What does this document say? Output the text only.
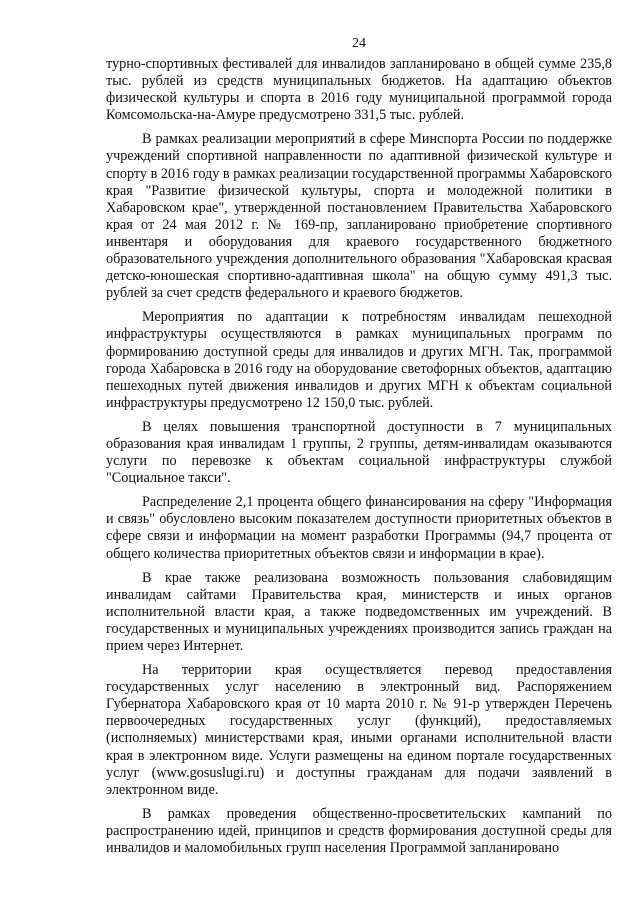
24

турно-спортивных фестивалей для инвалидов запланировано в общей сумме 235,8 тыс. рублей из средств муниципальных бюджетов. На адаптацию объектов физической культуры и спорта в 2016 году муниципальной программой города Комсомольска-на-Амуре предусмотрено 331,5 тыс. рублей.

В рамках реализации мероприятий в сфере Минспорта России по поддержке учреждений спортивной направленности по адаптивной физической культуре и спорту в 2016 году в рамках реализации государственной программы Хабаровского края "Развитие физической культуры, спорта и молодежной политики в Хабаровском крае", утвержденной постановлением Правительства Хабаровского края от 24 мая 2012 г. № 169-пр, запланировано приобретение спортивного инвентаря и оборудования для краевого государственного бюджетного образовательного учреждения дополнительного образования "Хабаровская красвая детско-юношеская спортивно-адаптивная школа" на общую сумму 491,3 тыс. рублей за счет средств федерального и краевого бюджетов.

Мероприятия по адаптации к потребностям инвалидам пешеходной инфраструктуры осуществляются в рамках муниципальных программ по формированию доступной среды для инвалидов и других МГН. Так, программой города Хабаровска в 2016 году на оборудование светофорных объектов, адаптацию пешеходных путей движения инвалидов и других МГН к объектам социальной инфраструктуры предусмотрено 12 150,0 тыс. рублей.

В целях повышения транспортной доступности в 7 муниципальных образования края инвалидам 1 группы, 2 группы, детям-инвалидам оказываются услуги по перевозке к объектам социальной инфраструктуры службой "Социальное такси".

Распределение 2,1 процента общего финансирования на сферу "Информация и связь" обусловлено высоким показателем доступности приоритетных объектов в сфере связи и информации на момент разработки Программы (94,7 процента от общего количества приоритетных объектов связи и информации в крае).

В крае также реализована возможность пользования слабовидящим инвалидам сайтами Правительства края, министерств и иных органов исполнительной власти края, а также подведомственных им учреждений. В государственных и муниципальных учреждениях производится запись граждан на прием через Интернет.

На территории края осуществляется перевод предоставления государственных услуг населению в электронный вид. Распоряжением Губернатора Хабаровского края от 10 марта 2010 г. № 91-р утвержден Перечень первоочередных государственных услуг (функций), предоставляемых (исполняемых) министерствами края, иными органами исполнительной власти края в электронном виде. Услуги размещены на едином портале государственных услуг (www.gosuslugi.ru) и доступны гражданам для подачи заявлений в электронном виде.

В рамках проведения общественно-просветительских кампаний по распространению идей, принципов и средств формирования доступной среды для инвалидов и маломобильных групп населения Программой запланировано
